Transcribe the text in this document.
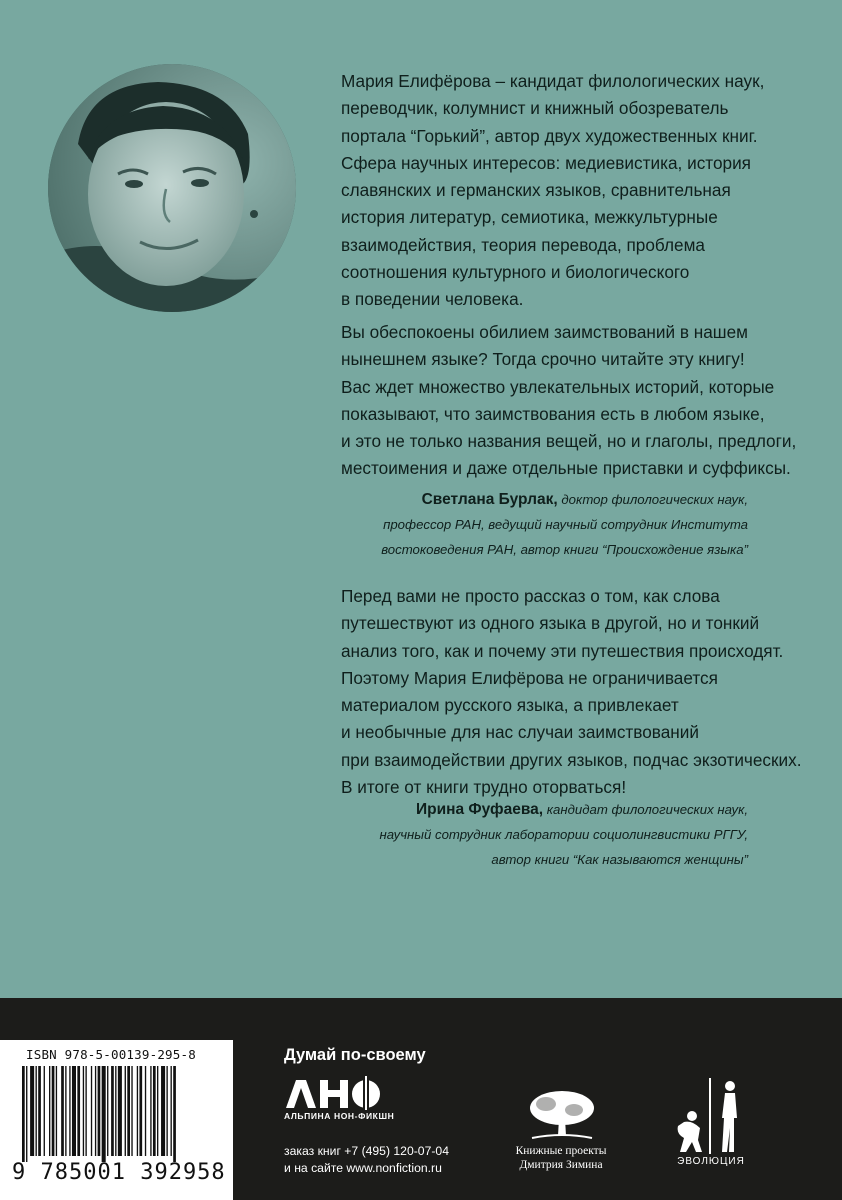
Мария Елифёрова – кандидат филологических наук,
переводчик, колумнист и книжный обозреватель
портала “Горький”, автор двух художественных книг.
Сфера научных интересов: медиевистика, история
славянских и германских языков, сравнительная
история литератур, семиотика, межкультурные
взаимодействия, теория перевода, проблема
соотношения культурного и биологического
в поведении человека.

Вы обеспокоены обилием заимствований в нашем
нынешнем языке? Тогда срочно читайте эту книгу!
Вас ждет множество увлекательных историй, которые
показывают, что заимствования есть в любом языке,
и это не только названия вещей, но и глаголы, предлоги,
местоимения и даже отдельные приставки и суффиксы.

Светлана Бурлак, доктор филологических наук,
профессор РАН, ведущий научный сотрудник Института
востоковедения РАН, автор книги “Происхождение языка”

Перед вами не просто рассказ о том, как слова
путешествуют из одного языка в другой, но и тонкий
анализ того, как и почему эти путешествия происходят.
Поэтому Мария Елифёрова не ограничивается
материалом русского языка, а привлекает
и необычные для нас случаи заимствований
при взаимодействии других языков, подчас экзотических.
В итоге от книги трудно оторваться!

Ирина Фуфаева, кандидат филологических наук,
научный сотрудник лаборатории социолингвистики РГГУ,
автор книги “Как называются женщины”
ISBN 978-5-00139-295-8
9 785001 392958
Думай по-своему
АЛЬПИНА НОН-ФИКШН
заказ книг +7 (495) 120-07-04
и на сайте www.nonfiction.ru
Книжные проекты
Дмитрия Зимина	ЭВОЛЮЦИЯ
